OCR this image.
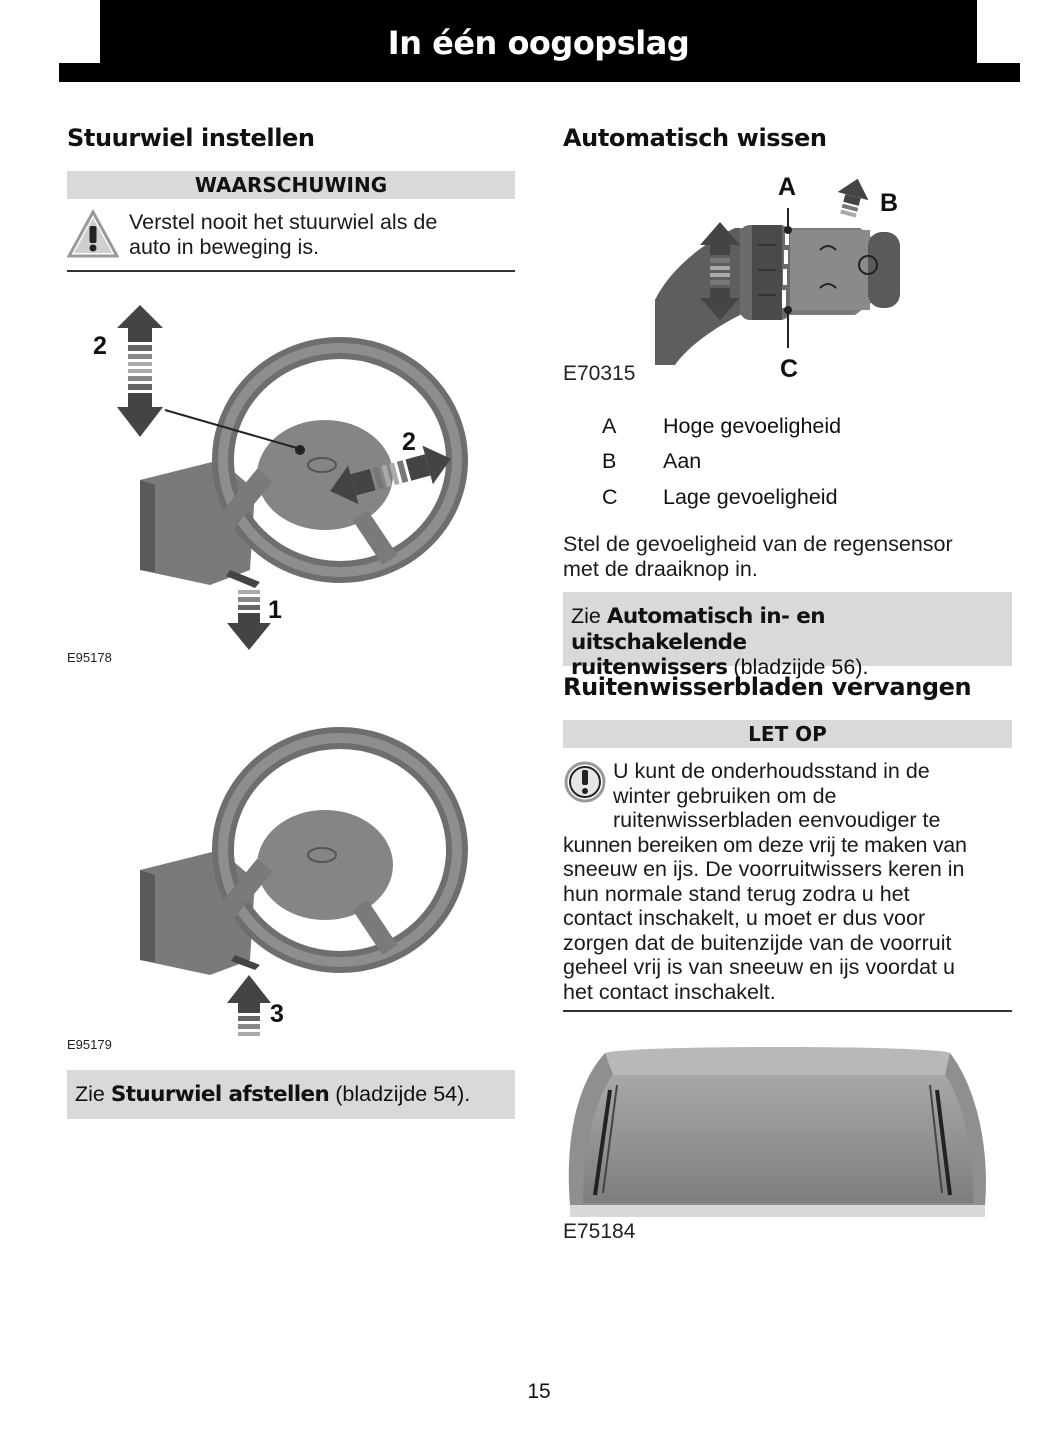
In één oogopslag
Stuurwiel instellen
WAARSCHUWING
Verstel nooit het stuurwiel als de
auto in beweging is.
2
2
1
E95178
3
E95179
Zie Stuurwiel afstellen (bladzijde 54).
Automatisch wissen
A
B
C
E70315
A	Hoge gevoeligheid
B	Aan
C	Lage gevoeligheid
Stel de gevoeligheid van de regensensor
met de draaiknop in.
Zie Automatisch in- en uitschakelende
ruitenwissers (bladzijde 56).
Ruitenwisserbladen vervangen
LET OP
U kunt de onderhoudsstand in de
winter gebruiken om de
ruitenwisserbladen eenvoudiger te
kunnen bereiken om deze vrij te maken van
sneeuw en ijs. De voorruitwissers keren in
hun normale stand terug zodra u het
contact inschakelt, u moet er dus voor
zorgen dat de buitenzijde van de voorruit
geheel vrij is van sneeuw en ijs voordat u
het contact inschakelt.
E75184
15
